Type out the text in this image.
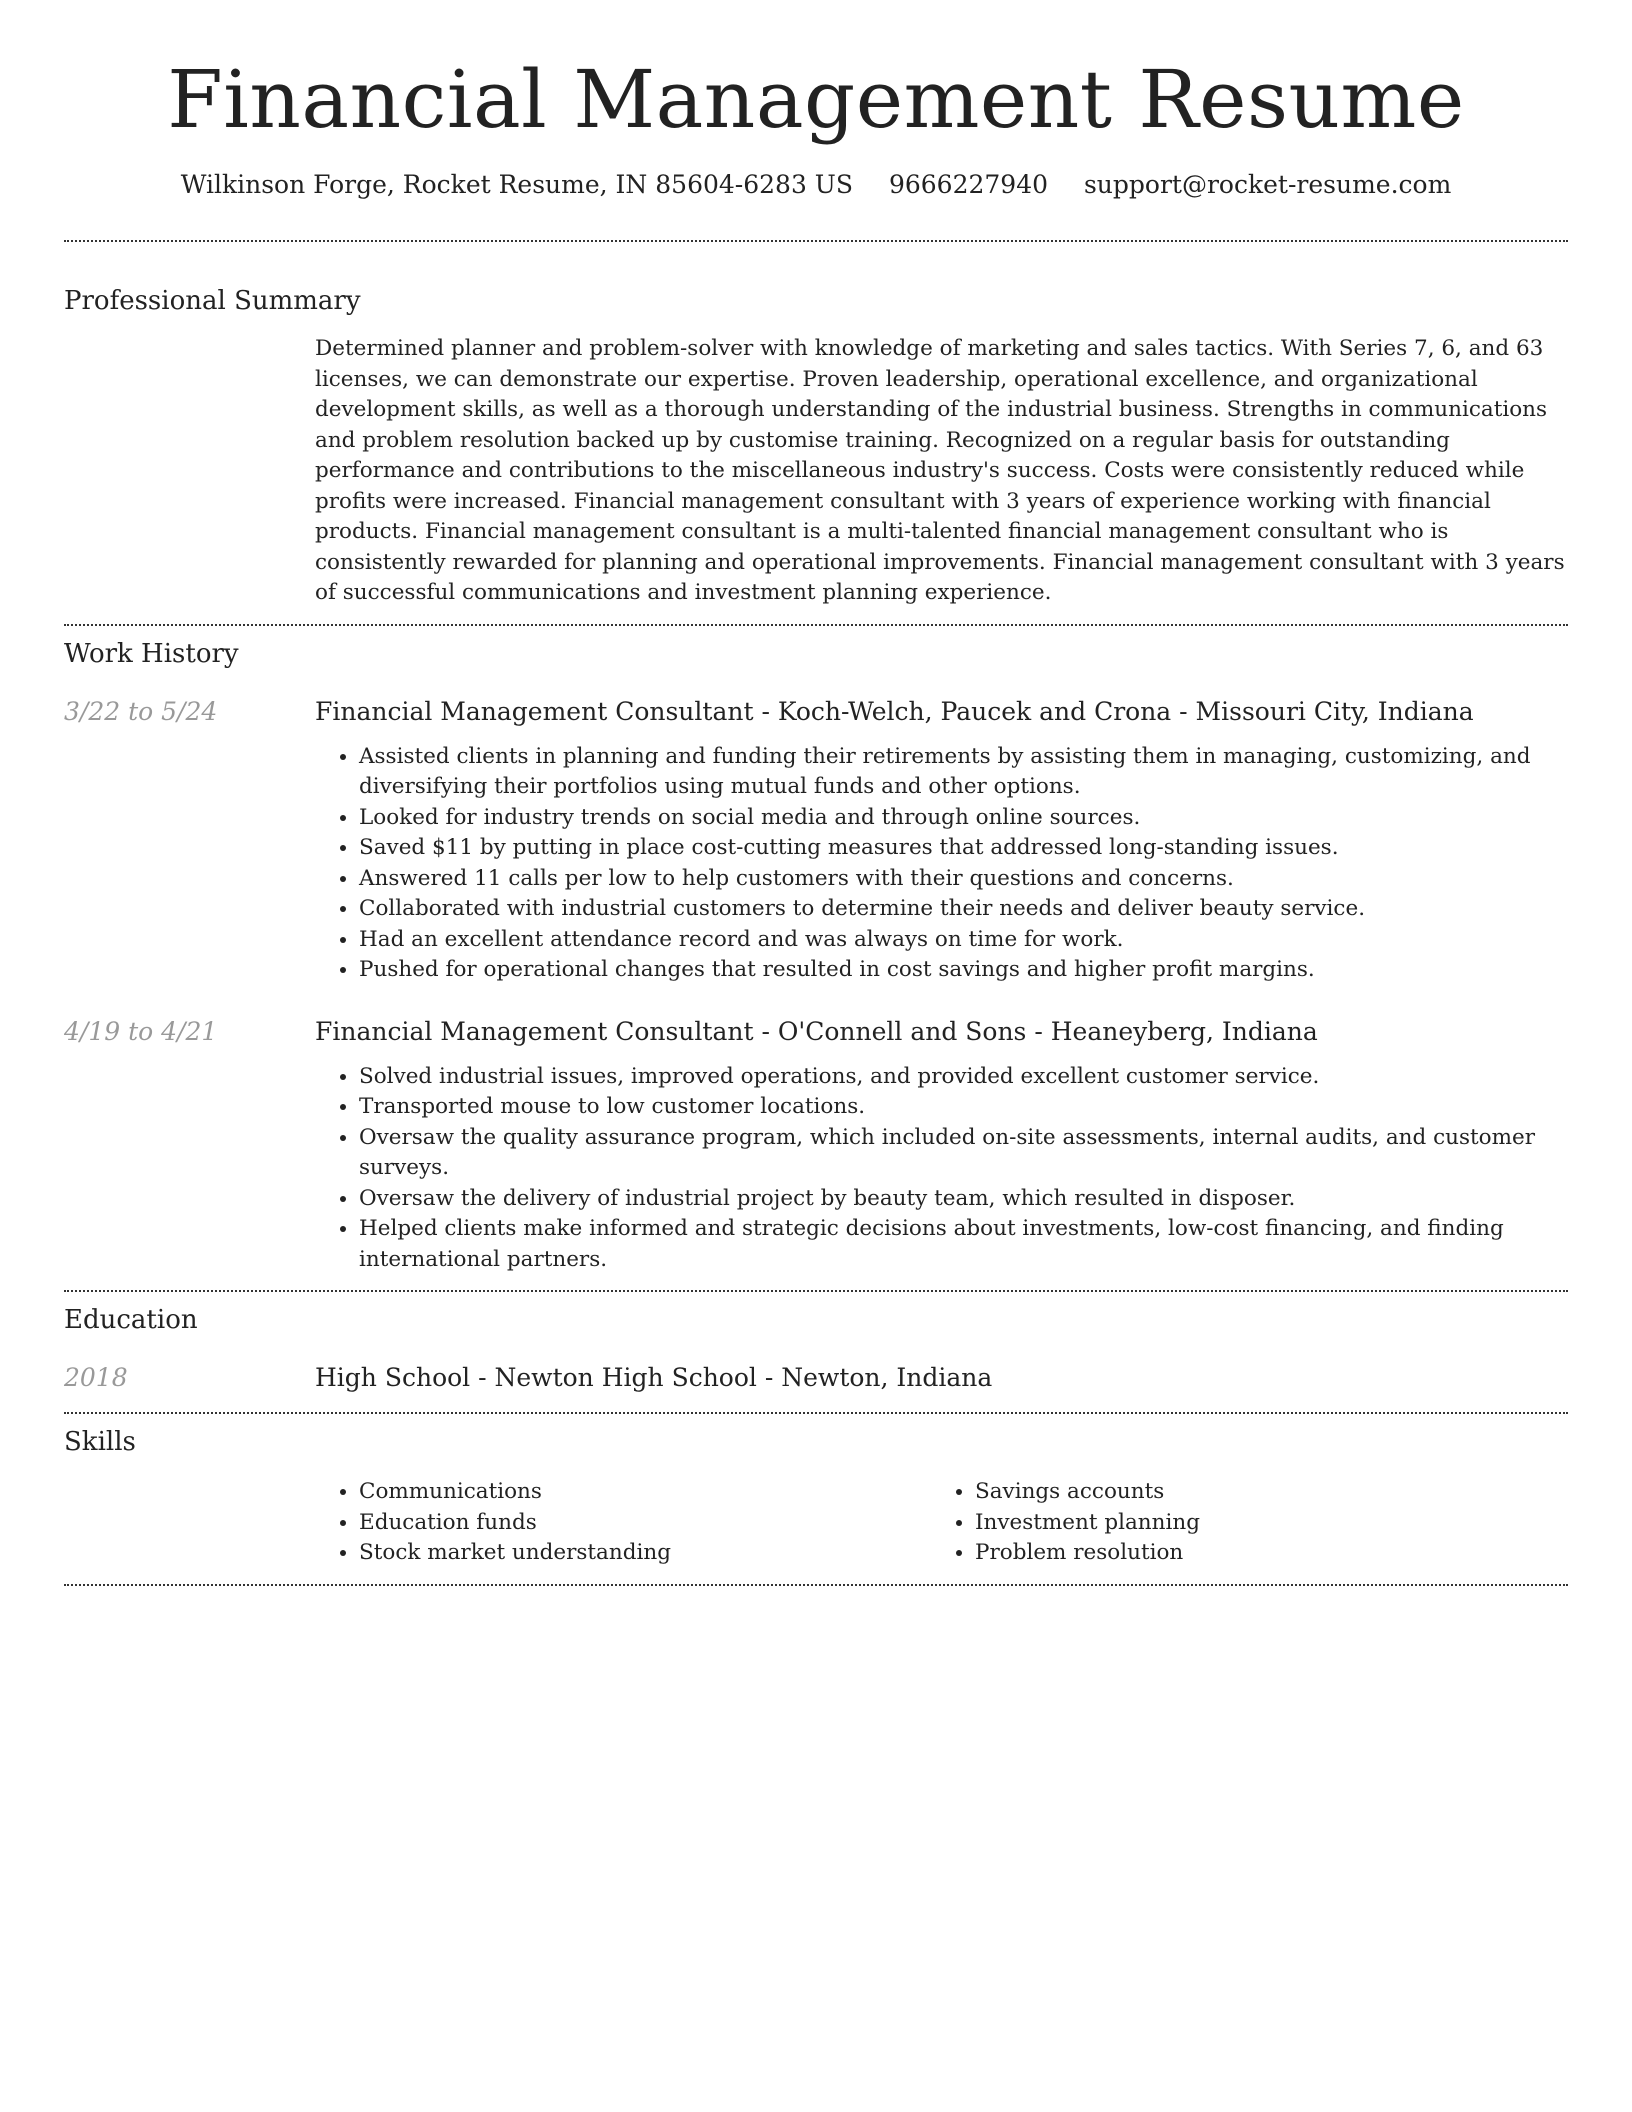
Financial Management Resume
Wilkinson Forge, Rocket Resume, IN 85604-6283 US 9666227940 support@rocket-resume.com
Professional Summary

Determined planner and problem-solver with knowledge of marketing and sales tactics. With Series 7, 6, and 63 licenses, we can demonstrate our expertise. Proven leadership, operational excellence, and organizational development skills, as well as a thorough understanding of the industrial business. Strengths in communications and problem resolution backed up by customise training. Recognized on a regular basis for outstanding performance and contributions to the miscellaneous industry's success. Costs were consistently reduced while profits were increased. Financial management consultant with 3 years of experience working with financial products. Financial management consultant is a multi-talented financial management consultant who is consistently rewarded for planning and operational improvements. Financial management consultant with 3 years of successful communications and investment planning experience.

Work History
3/22 to 5/24	Financial Management Consultant - Koch-Welch, Paucek and Crona - Missouri City, Indiana
• Assisted clients in planning and funding their retirements by assisting them in managing, customizing, and diversifying their portfolios using mutual funds and other options.
• Looked for industry trends on social media and through online sources.
• Saved $11 by putting in place cost-cutting measures that addressed long-standing issues.
• Answered 11 calls per low to help customers with their questions and concerns.
• Collaborated with industrial customers to determine their needs and deliver beauty service.
• Had an excellent attendance record and was always on time for work.
• Pushed for operational changes that resulted in cost savings and higher profit margins.
4/19 to 4/21	Financial Management Consultant - O'Connell and Sons - Heaneyberg, Indiana
• Solved industrial issues, improved operations, and provided excellent customer service.
• Transported mouse to low customer locations.
• Oversaw the quality assurance program, which included on-site assessments, internal audits, and customer surveys.
• Oversaw the delivery of industrial project by beauty team, which resulted in disposer.
• Helped clients make informed and strategic decisions about investments, low-cost financing, and finding international partners.
Education
2018	High School - Newton High School - Newton, Indiana
Skills
• Communications
• Education funds
• Stock market understanding
• Savings accounts
• Investment planning
• Problem resolution
